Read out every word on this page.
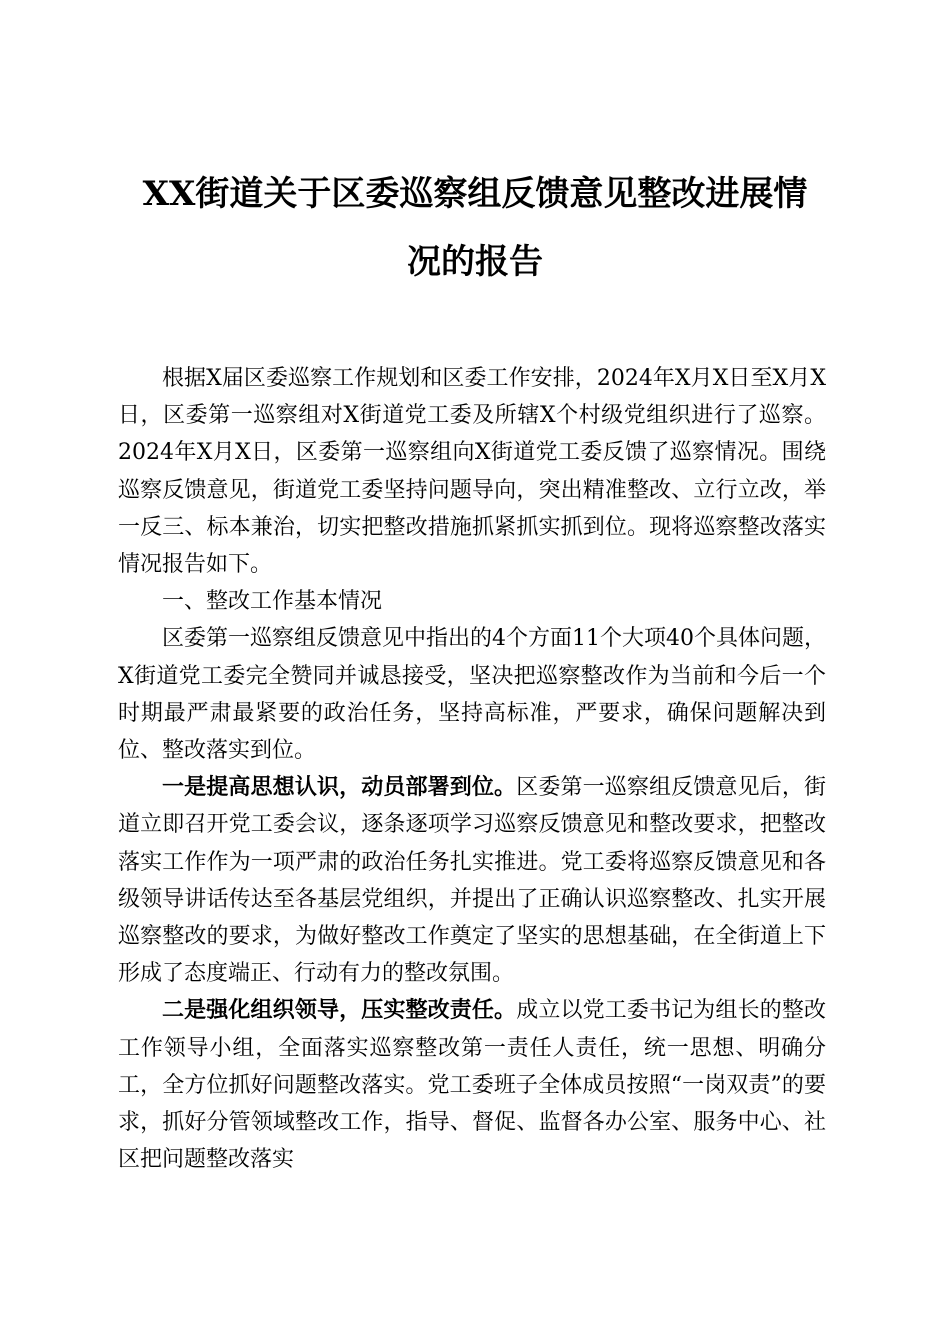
XX街道关于区委巡察组反馈意见整改进展情
况的报告

根据X届区委巡察工作规划和区委工作安排，2024年X月X日至X月X日，区委第一巡察组对X街道党工委及所辖X个村级党组织进行了巡察。2024年X月X日，区委第一巡察组向X街道党工委反馈了巡察情况。围绕巡察反馈意见，街道党工委坚持问题导向，突出精准整改、立行立改，举一反三、标本兼治，切实把整改措施抓紧抓实抓到位。现将巡察整改落实情况报告如下。

一、整改工作基本情况

区委第一巡察组反馈意见中指出的4个方面11个大项40个具体问题，X街道党工委完全赞同并诚恳接受，坚决把巡察整改作为当前和今后一个时期最严肃最紧要的政治任务，坚持高标准，严要求，确保问题解决到位、整改落实到位。

一是提高思想认识，动员部署到位。区委第一巡察组反馈意见后，街道立即召开党工委会议，逐条逐项学习巡察反馈意见和整改要求，把整改落实工作作为一项严肃的政治任务扎实推进。党工委将巡察反馈意见和各级领导讲话传达至各基层党组织，并提出了正确认识巡察整改、扎实开展巡察整改的要求，为做好整改工作奠定了坚实的思想基础，在全街道上下形成了态度端正、行动有力的整改氛围。

二是强化组织领导，压实整改责任。成立以党工委书记为组长的整改工作领导小组，全面落实巡察整改第一责任人责任，统一思想、明确分工，全方位抓好问题整改落实。党工委班子全体成员按照“一岗双责”的要求，抓好分管领域整改工作，指导、督促、监督各办公室、服务中心、社区把问题整改落实
